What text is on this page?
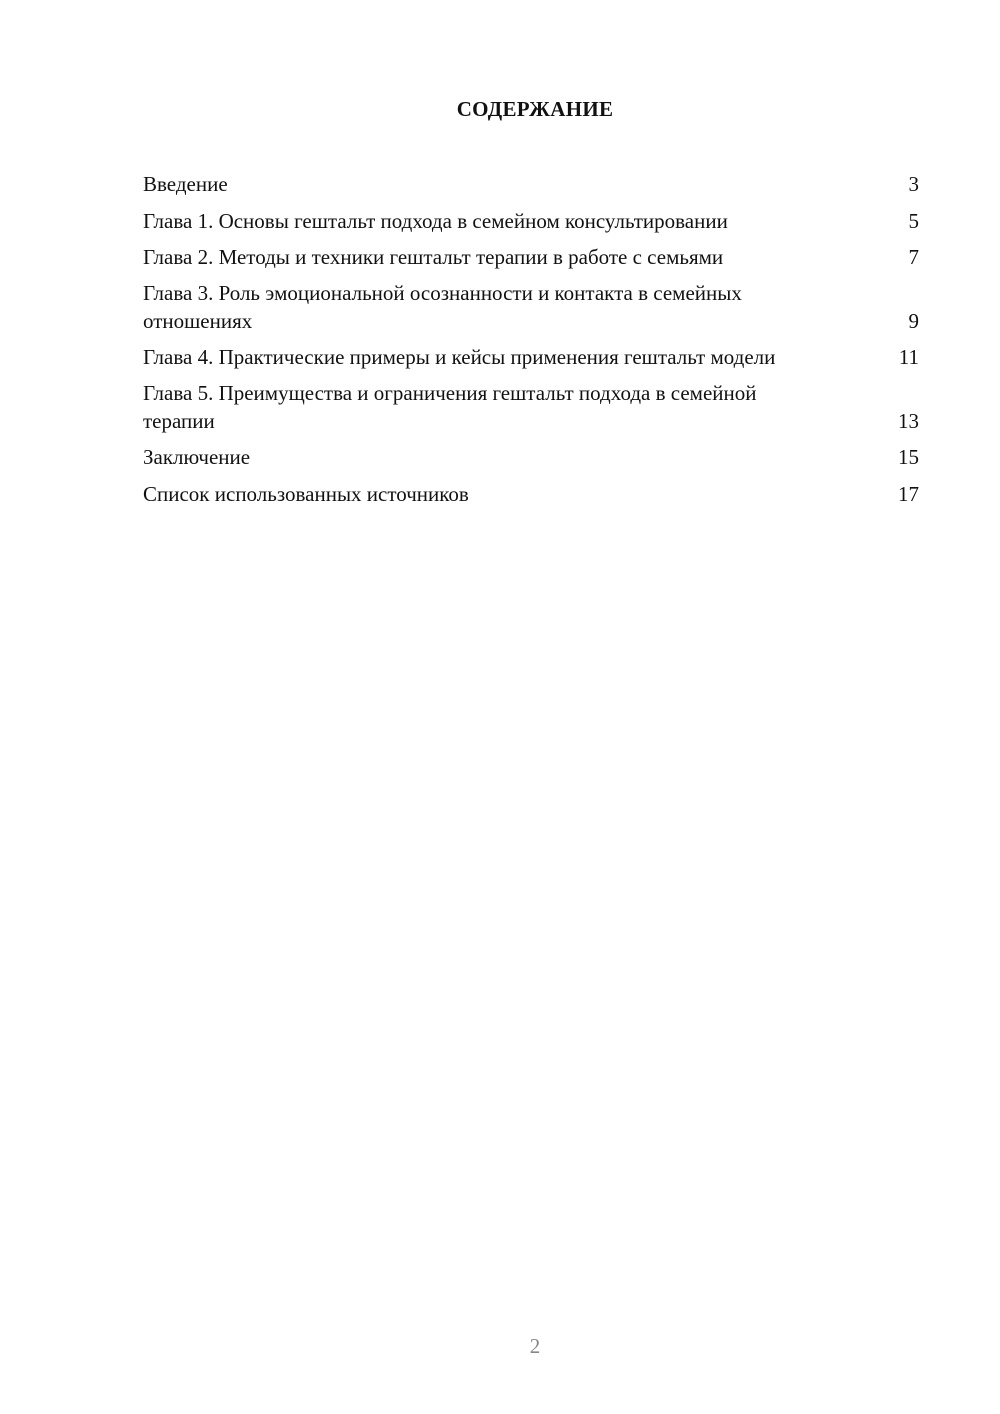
СОДЕРЖАНИЕ
Введение	3
Глава 1. Основы гештальт подхода в семейном консультировании	5
Глава 2. Методы и техники гештальт терапии в работе с семьями	7
Глава 3. Роль эмоциональной осознанности и контакта в семейных отношениях	9
Глава 4. Практические примеры и кейсы применения гештальт модели	11
Глава 5. Преимущества и ограничения гештальт подхода в семейной терапии	13
Заключение	15
Список использованных источников	17
2
